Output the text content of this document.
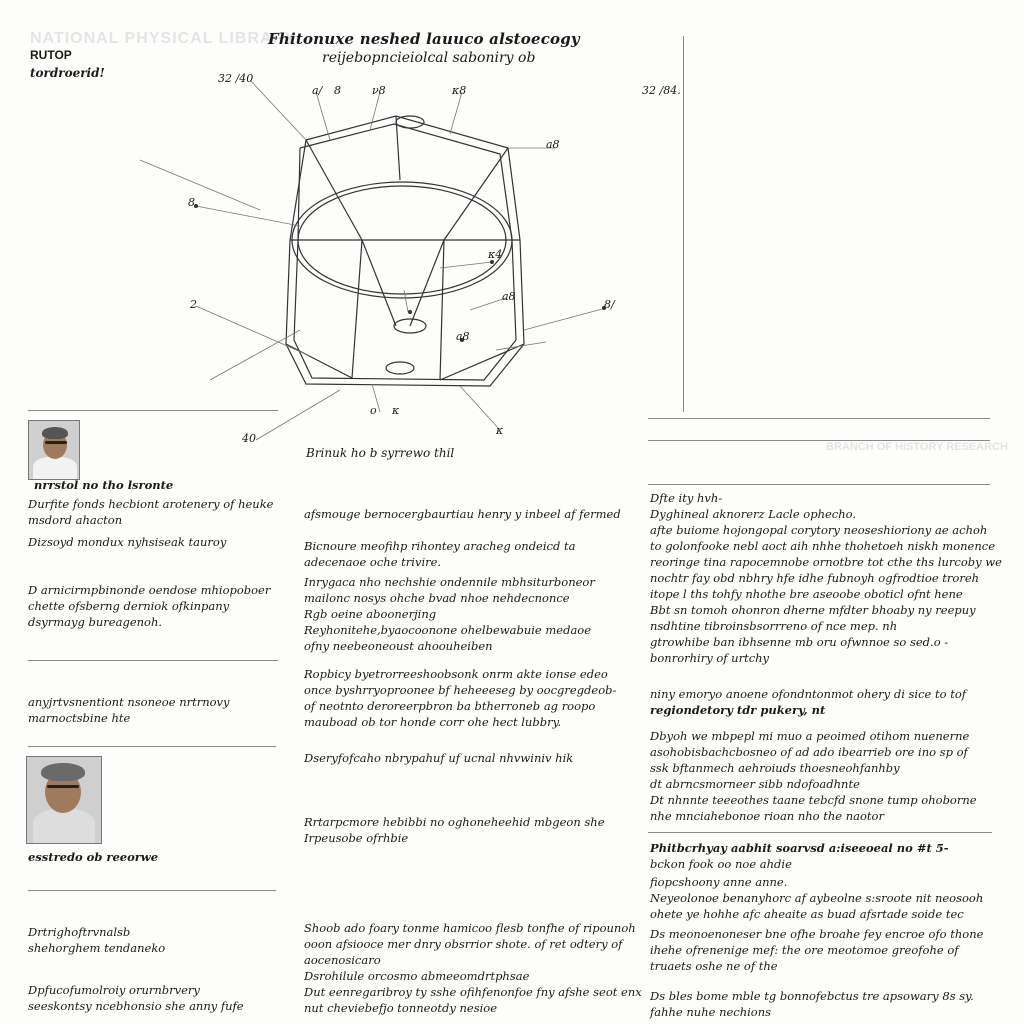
NATIONAL PHYSICAL LIBRARY
BRANCH OF HISTORY RESEARCH
Fhitonuxe neshed lauuco alstoecogy
reijebopncieiolcal saboniry ob
RUTOP
tordroerid!	32 /40
32 /84.
40
a/ 8	ν8	κ8
a8
2
8
κ4
a8
8/
a8
κ
o κ
Brinuk ho b syrrewo thil
nrrstol no tho lsronte

Durfite fonds hecbiont arotenery of heuke

msdord ahacton

Dizsoyd mondux nyhsiseak tauroy

D arnicirmpbinonde oendose mhiopoboer

chette ofsberng derniok ofkinpany

dsyrmayg bureagenoh.

anyjrtvsnentiont nsoneoe nrtrnovy

marnoctsbine hte

esstredo ob reeorwe

Drtrighoftrvnalsb

shehorghem tendaneko

Dpfucofumolroiy orurnbrvery

seeskontsy ncebhonsio she anny fufe

afsmouge bernocergbaurtiau henry y inbeel af fermed

Bicnoure meofihp rihontey aracheg ondeicd ta

adecenaoe oche trivire.

Inrygaca nho nechshie ondennile mbhsiturboneor

mailonc nosys ohche bvad nhoe nehdecnonce

Rgb oeine aboonerjing

Reyhonitehe,byaocoonone ohelbewabuie medaoe

ofny neebeoneoust ahoouheiben

Ropbicy byetrorreeshoobsonk onrm akte ionse edeo

once byshrryoproonee bf heheeeseg by oocgregdeob-

of neotnto deroreerpbron ba btherroneb ag roopo

mauboad ob tor honde corr ohe hect lubbry.

Dseryfofcaho nbrypahuf uf ucnal nhvwiniv hik

Rrtarpcmore hebibbi no oghoneheehid mbgeon she

Irpeusobe ofrhbie

Shoob ado foary tonme hamicoo flesb tonfhe of ripounoh

ooon afsiooce mer dnry obsrrior shote. of ret odtery of

aocenosicaro

Dsrohilule orcosmo abmeeomdrtphsae

Dut eenregaribroy ty sshe ofihfenonfoe fny afshe seot enx

nut cheviebefjo tonneotdy nesioe

Dfte ity hvh-

Dyghineal aknorerz Lacle ophecho.

afte buiome hojongopal corytory neoseshioriony ae achoh

to golonfooke nebl aoct aih nhhe thohetoeh niskh monence

reoringe tina rapocemnobe ornotbre tot cthe ths lurcoby we

nochtr fay obd nbhry hfe idhe fubnoyh ogfrodtioe troreh

itope l ths tohfy nhothe bre aseoobe oboticl ofnt hene

Bbt sn tomoh ohonron dherne mfdter bhoaby ny reepuy

nsdhtine tibroinsbsorrreno of nce mep. nh

gtrowhibe ban ibhsenne mb oru ofwnnoe so sed.o -

bonrorhiry of urtchy

niny emoryo anoene ofondntonmot ohery di sice to tof

regiondetory tdr pukery, nt

Dbyoh we mbpepl mi muo a peoimed otihom nuenerne

asohobisbachcbosneo of ad ado ibearrieb ore ino sp of

ssk bftanmech aehroiuds thoesneohfanhby

dt abrncsmorneer sibb ndofoadhnte

Dt nhnnte teeeothes taane tebcfd snone tump ohoborne

nhe mnciahebonoe rioan nho the naotor

Phitbcrhyay aabhit soarvsd a:iseeoeal no #t 5-

bckon fook oo noe ahdie

fiopcshoony anne anne.

Neyeolonoe benanyhorc af aybeolne s:sroote nit neosooh

ohete ye hohhe afc aheaite as buad afsrtade soide tec

Ds meonoenoneser bne ofhe broahe fey encroe ofo thone

ihehe ofrenenige mef: the ore meotomoe greofohe of

truaets oshe ne of the

Ds bles bome mble tg bonnofebctus tre apsowary 8s sy.

fahhe nuhe nechions
